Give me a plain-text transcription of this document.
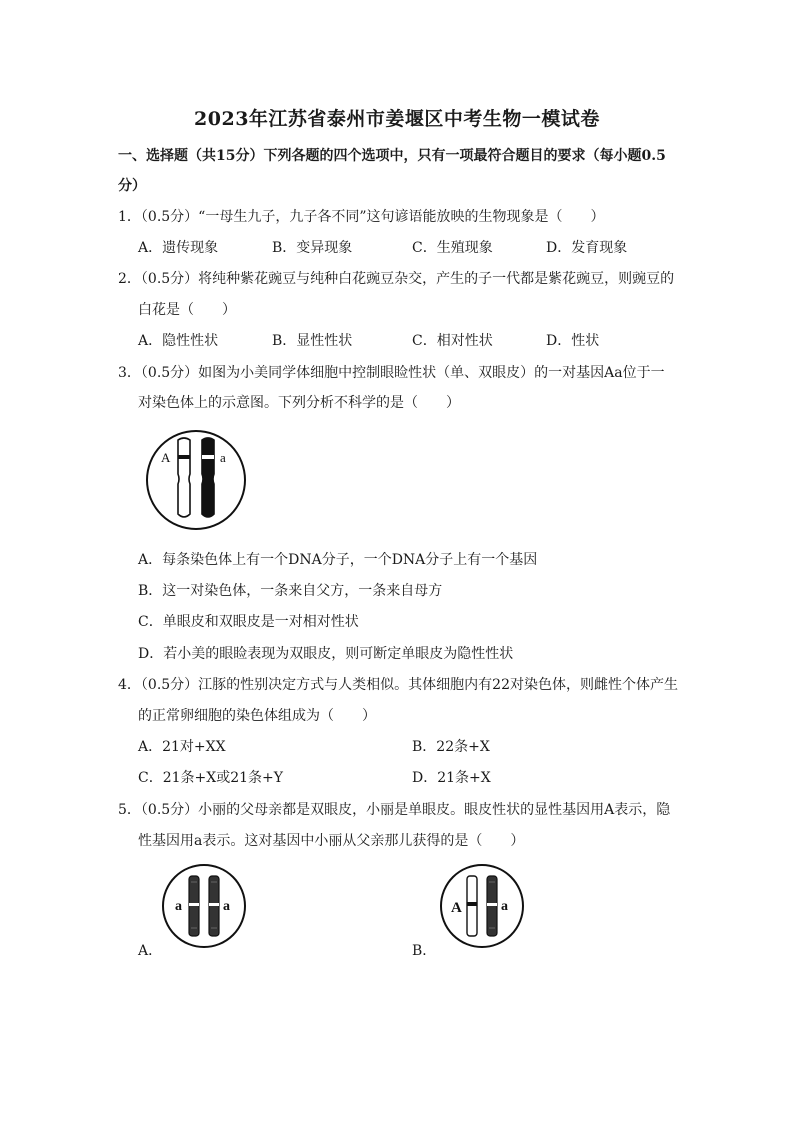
2023年江苏省泰州市姜堰区中考生物一模试卷
一、选择题（共15分）下列各题的四个选项中，只有一项最符合题目的要求（每小题0.5
分）
1．（0.5分）“一母生九子，九子各不同”这句谚语能放映的生物现象是（　　）
A．遗传现象	B．变异现象	C．生殖现象	D．发育现象
2．（0.5分）将纯种紫花豌豆与纯种白花豌豆杂交，产生的子一代都是紫花豌豆，则豌豆的
白花是（　　）
A．隐性性状	B．显性性状	C．相对性状	D．性状
3．（0.5分）如图为小美同学体细胞中控制眼睑性状（单、双眼皮）的一对基因Aa位于一
对染色体上的示意图。下列分析不科学的是（　　）
A	a
A．每条染色体上有一个DNA分子，一个DNA分子上有一个基因
B．这一对染色体，一条来自父方，一条来自母方
C．单眼皮和双眼皮是一对相对性状
D．若小美的眼睑表现为双眼皮，则可断定单眼皮为隐性性状
4．（0.5分）江豚的性别决定方式与人类相似。其体细胞内有22对染色体，则雌性个体产生
的正常卵细胞的染色体组成为（　　）
A．21对+XX	B．22条+X
C．21条+X或21条+Y	D．21条+X
5．（0.5分）小丽的父母亲都是双眼皮，小丽是单眼皮。眼皮性状的显性基因用A表示，隐
性基因用a表示。这对基因中小丽从父亲那儿获得的是（　　）
a	a
A．
A	a
B．
